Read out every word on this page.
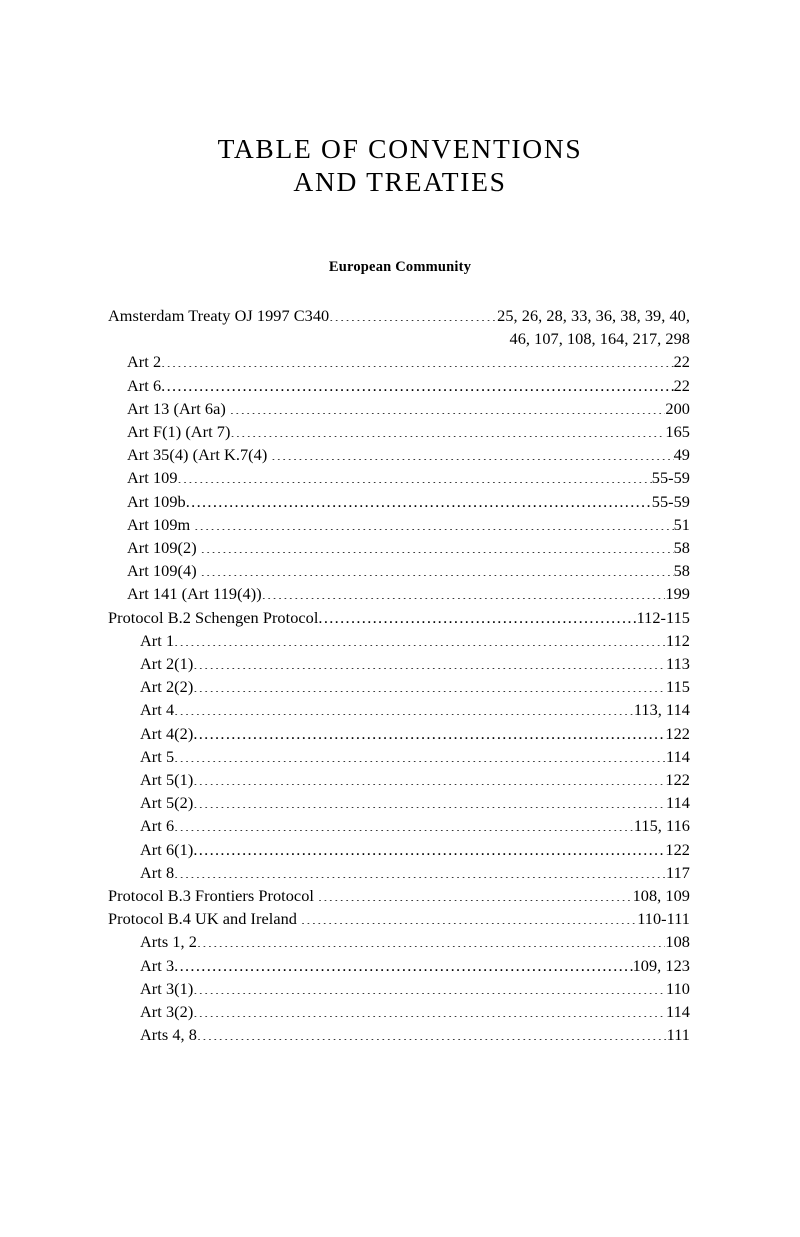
TABLE OF CONVENTIONS
AND TREATIES
European Community
Amsterdam Treaty OJ 1997 C340 .....	25, 26, 28, 33, 36, 38, 39, 40,
46, 107, 108, 164, 217, 298
Art 2 .....	22
Art 6 .....	22
Art 13 (Art 6a) .....	200
Art F(1) (Art 7) .....	165
Art 35(4) (Art K.7(4) .....	49
Art 109 .....	55-59
Art 109b .....	55-59
Art 109m .....	51
Art 109(2) .....	58
Art 109(4) .....	58
Art 141 (Art 119(4)) .....	199
Protocol B.2 Schengen Protocol .....	112-115
Art 1 .....	112
Art 2(1) .....	113
Art 2(2) .....	115
Art 4 .....	113, 114
Art 4(2) .....	122
Art 5 .....	114
Art 5(1) .....	122
Art 5(2) .....	114
Art 6 .....	115, 116
Art 6(1) .....	122
Art 8 .....	117
Protocol B.3 Frontiers Protocol .....	108, 109
Protocol B.4 UK and Ireland .....	110-111
Arts 1, 2 .....	108
Art 3 .....	109, 123
Art 3(1) .....	110
Art 3(2) .....	114
Arts 4, 8 .....	111
